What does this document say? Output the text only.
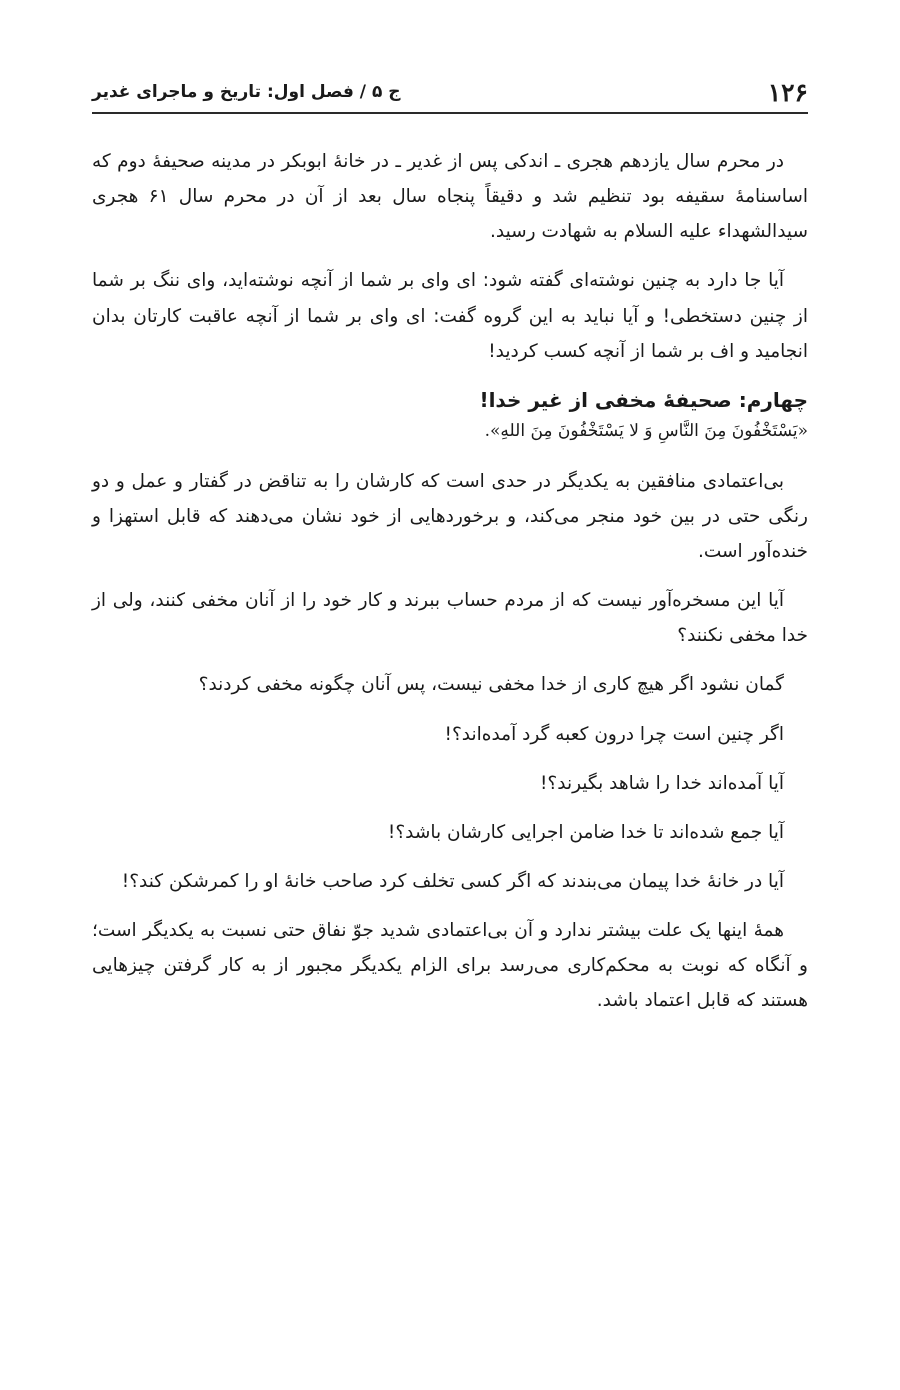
۱۲۶
ج ۵ / فصل اول: تاریخ و ماجرای غدیر

در محرم سال یازدهم هجری ـ اندکی پس از غدیر ـ در خانهٔ ابوبکر در مدینه صحیفهٔ دوم که اساسنامهٔ سقیفه بود تنظیم شد و دقیقاً پنجاه سال بعد از آن در محرم سال ۶۱ هجری سیدالشهداء علیه السلام به شهادت رسید.

آیا جا دارد به چنین نوشته‌ای گفته شود: ای وای بر شما از آنچه نوشته‌اید، وای ننگ بر شما از چنین دستخطی! و آیا نباید به این گروه گفت: ای وای بر شما از آنچه عاقبت کارتان بدان انجامید و اف بر شما از آنچه کسب کردید!

چهارم: صحیفهٔ مخفی از غیر خدا!
«يَسْتَخْفُونَ مِنَ النَّاسِ وَ لا يَسْتَخْفُونَ مِنَ اللهِ».

بی‌اعتمادی منافقین به یکدیگر در حدی است که کارشان را به تناقض در گفتار و عمل و دو رنگی حتی در بین خود منجر می‌کند، و برخوردهایی از خود نشان می‌دهند که قابل استهزا و خنده‌آور است.

آیا این مسخره‌آور نیست که از مردم حساب ببرند و کار خود را از آنان مخفی کنند، ولی از خدا مخفی نکنند؟

گمان نشود اگر هیچ کاری از خدا مخفی نیست، پس آنان چگونه مخفی کردند؟

اگر چنین است چرا درون کعبه گرد آمده‌اند؟!

آیا آمده‌اند خدا را شاهد بگیرند؟!

آیا جمع شده‌اند تا خدا ضامن اجرایی کارشان باشد؟!

آیا در خانهٔ خدا پیمان می‌بندند که اگر کسی تخلف کرد صاحب خانهٔ او را کمرشکن کند؟!

همهٔ اینها یک علت بیشتر ندارد و آن بی‌اعتمادی شدید جوّ نفاق حتی نسبت به یکدیگر است؛ و آنگاه که نوبت به محکم‌کاری می‌رسد برای الزام یکدیگر مجبور از به کار گرفتن چیزهایی هستند که قابل اعتماد باشد.
